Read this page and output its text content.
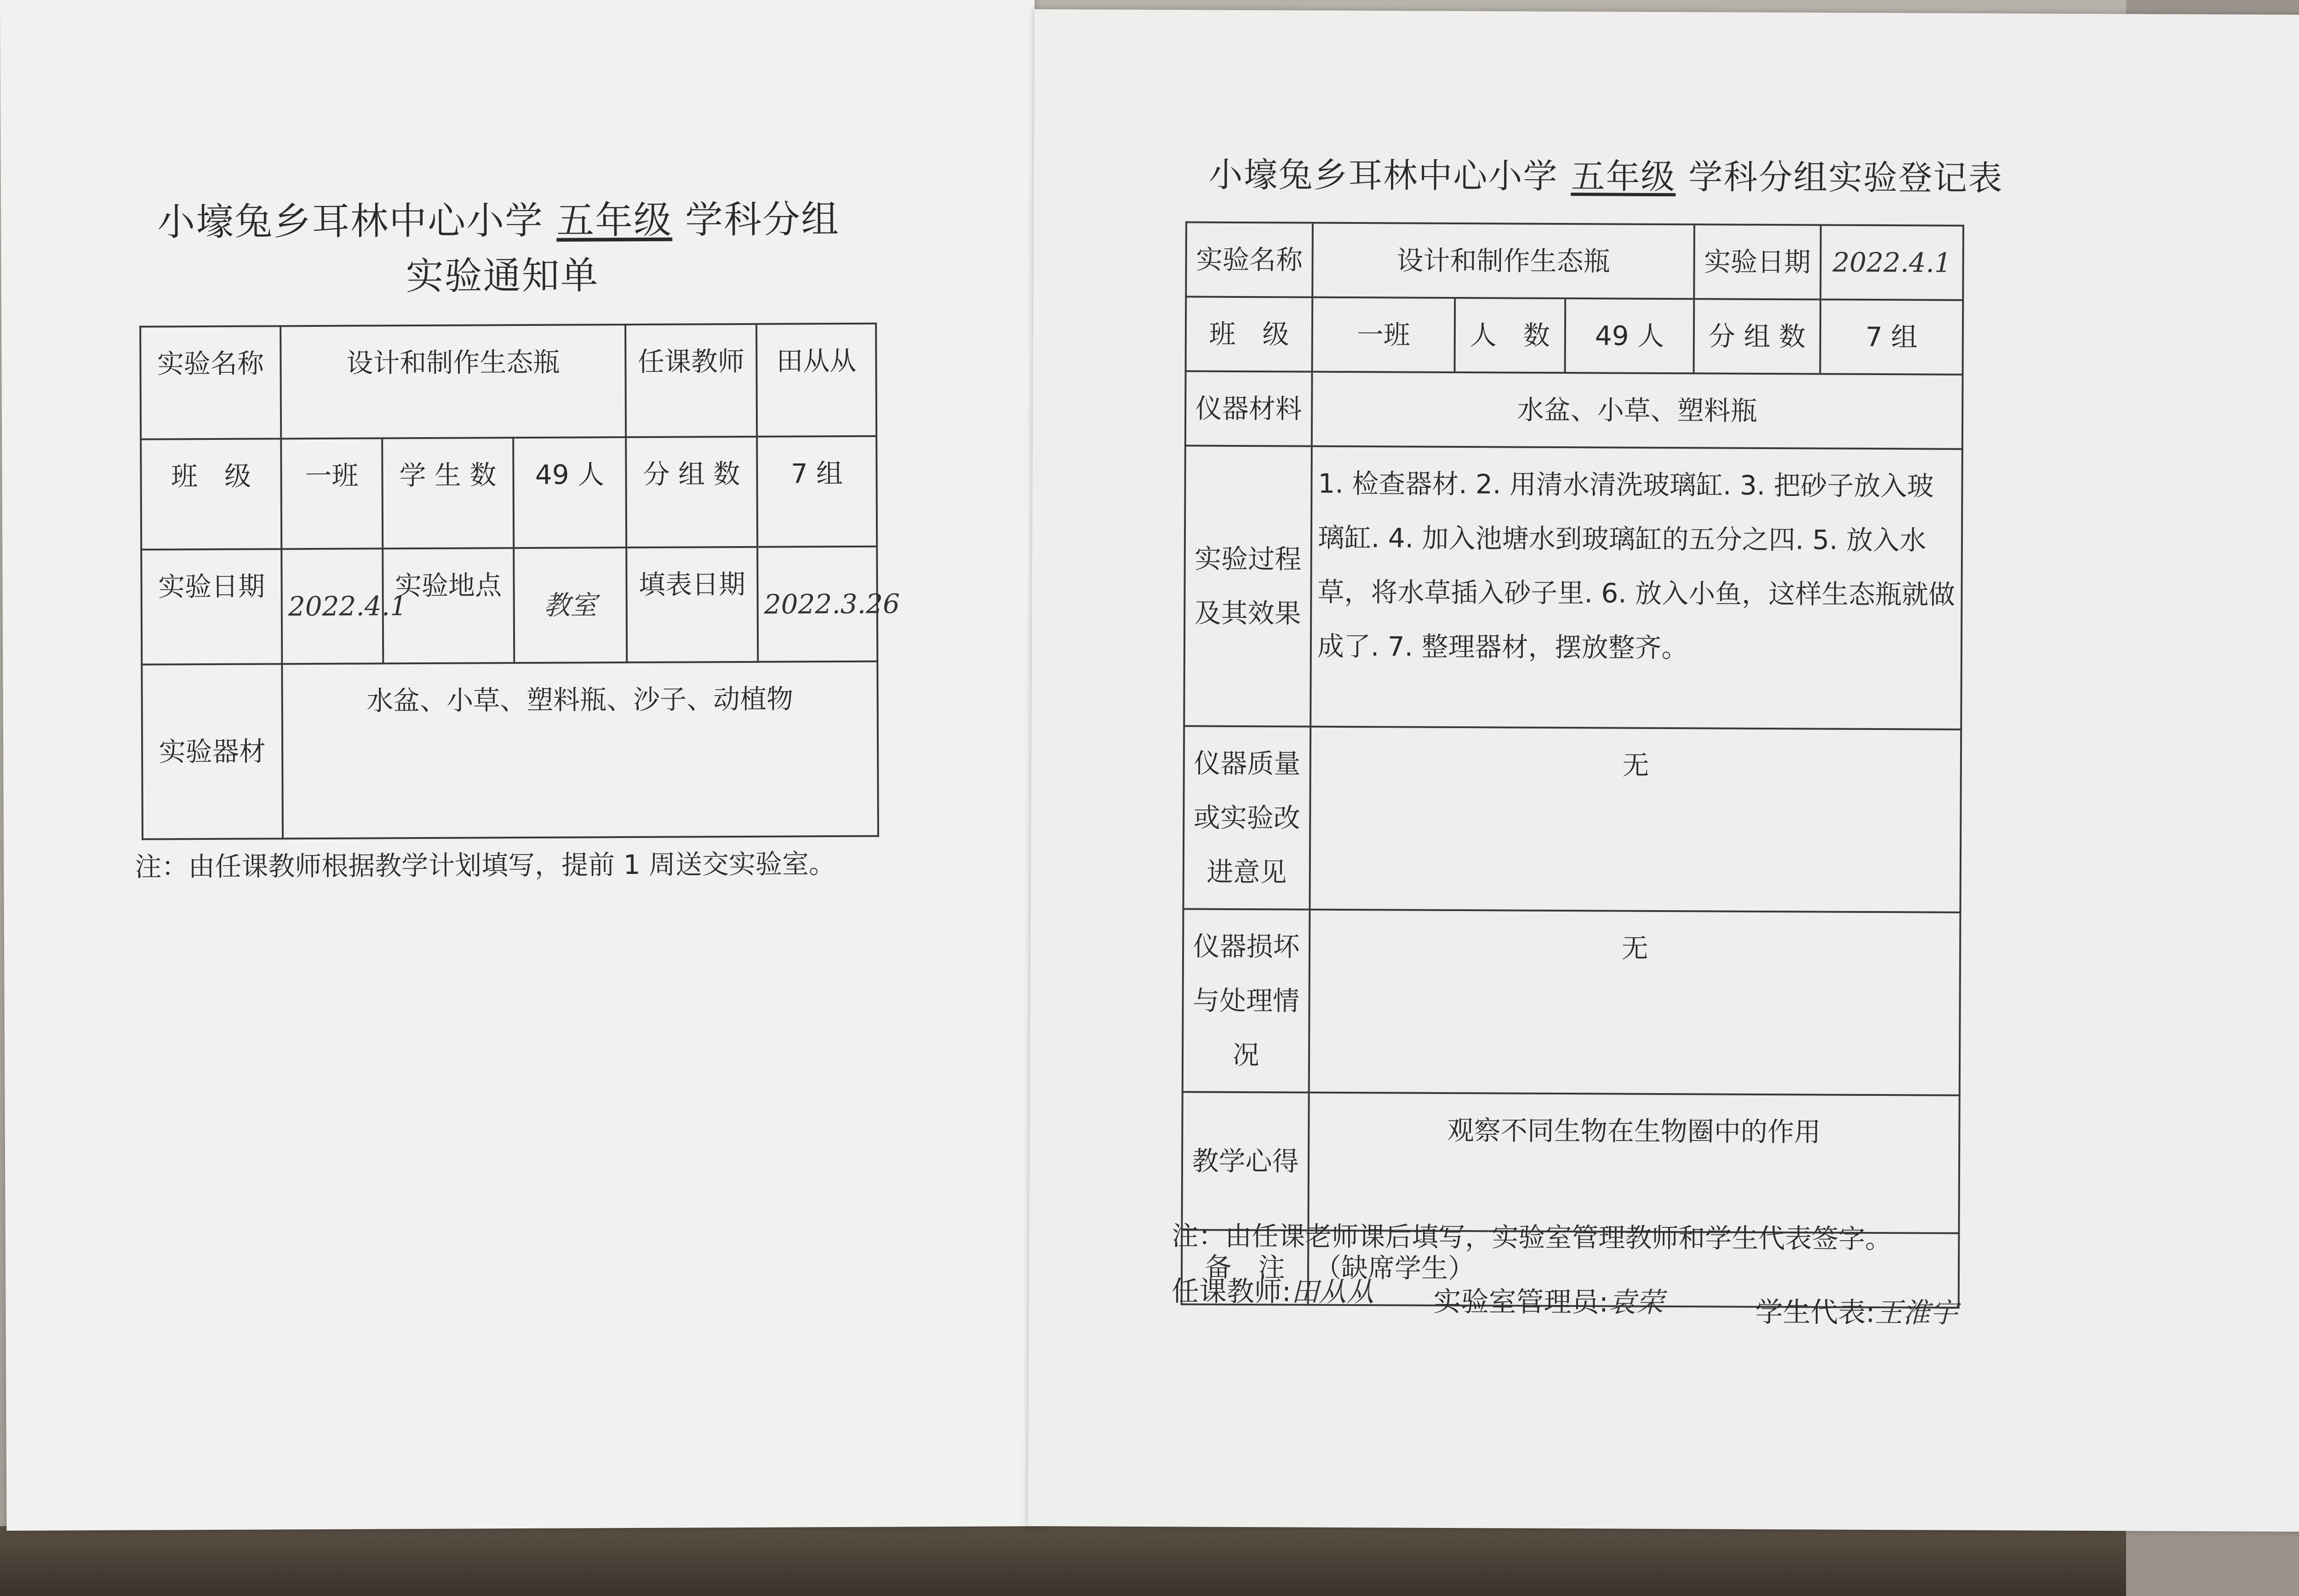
小壕兔乡耳林中心小学 五年级 学科分组
实验通知单
实验名称	设计和制作生态瓶			任课教师	田从从
班　级	一班	学 生 数	49 人	分 组 数	7 组
实验日期	2022.4.1	实验地点	教室	填表日期	2022.3.26
实验器材	水盆、小草、塑料瓶、沙子、动植物				
注：由任课教师根据教学计划填写，提前 1 周送交实验室。
小壕兔乡耳林中心小学 五年级 学科分组实验登记表
实验名称	设计和制作生态瓶			实验日期	2022.4.1
班　级	一班	人　数	49 人	分 组 数	7 组
仪器材料	水盆、小草、塑料瓶				
实验过程及其效果	1. 检查器材. 2. 用清水清洗玻璃缸. 3. 把砂子放入玻璃缸. 4. 加入池塘水到玻璃缸的五分之四. 5. 放入水草，将水草插入砂子里. 6. 放入小鱼，这样生态瓶就做成了. 7. 整理器材，摆放整齐。				
仪器质量或实验改进意见	无				
仪器损坏与处理情况	无				
教学心得	观察不同生物在生物圈中的作用				
备　注	（缺席学生）				
注：由任课老师课后填写，实验室管理教师和学生代表签字。
任课教师:田从从 实验室管理员:袁荣	学生代表:王淮宇
